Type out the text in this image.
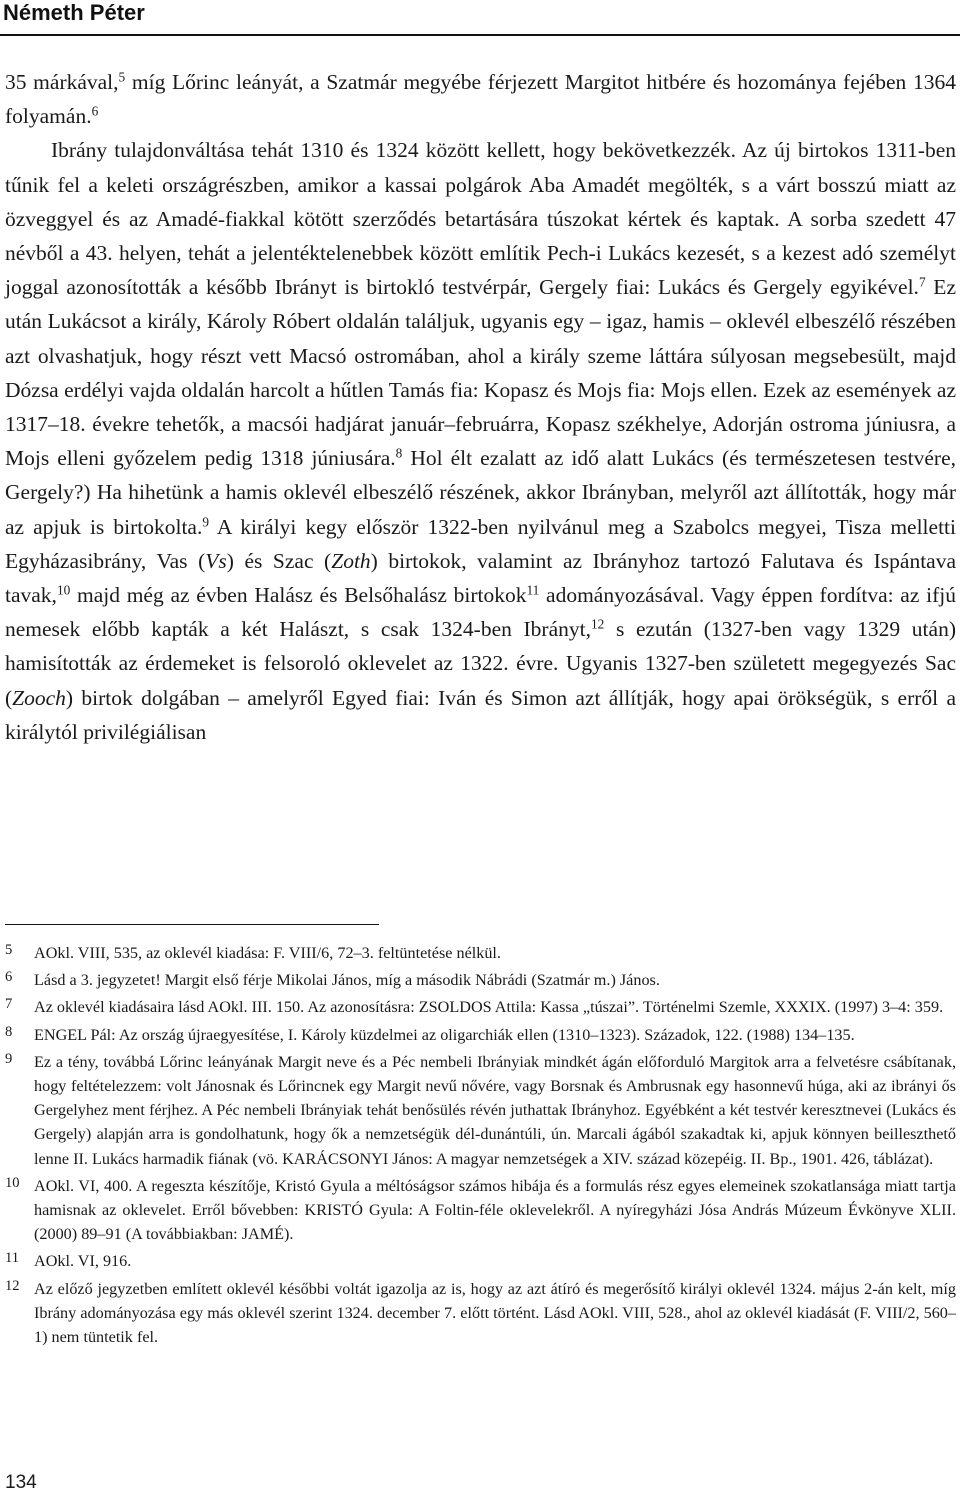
Németh Péter

35 márkával,$^5$ míg Lőrinc leányát, a Szatmár megyébe férjezett Margitot hitbére és hozományа fejében 1364 folyamán.$^6$

Ibrány tulajdonváltása tehát 1310 és 1324 között kellett, hogy bekövetkezzék. Az új birtokos 1311-ben tűnik fel a keleti országrészben, amikor a kassai polgárok Aba Amadét megölték, s a várt bosszú miatt az özveggyel és az Amadé-fiakkal kötött szerződés betartására túszokat kértek és kaptak. A sorba szedett 47 névből a 43. helyen, tehát a jelentéktelenebbek között említik Pech-i Lukács kezesét, s a kezest adó személyt joggal azonosították a később Ibrányt is birtokló testvérpár, Gergely fiai: Lukács és Gergely egyikével.$^7$ Ez után Lukácsot a király, Károly Róbert oldalán találjuk, ugyanis egy – igaz, hamis – oklevél elbeszélő részében azt olvashatjuk, hogy részt vett Macsó ostromában, ahol a király szeme láttára súlyosan megsebesült, majd Dózsa erdélyi vajda oldalán harcolt a hűtlen Tamás fia: Kopasz és Mojs fia: Mojs ellen. Ezek az események az 1317–18. évekre tehetők, a macsói hadjárat január–februárra, Kopasz székhelye, Adorján ostroma júniusra, a Mojs elleni győzelem pedig 1318 júniusára.$^8$ Hol élt ezalatt az idő alatt Lukács (és természetesen testvére, Gergely?) Ha hihetünk a hamis oklevél elbeszélő részének, akkor Ibrányban, melyről azt állították, hogy már az apjuk is birtokolta.$^9$ A királyi kegy először 1322-ben nyilvánul meg a Szabolcs megyei, Tisza melletti Egyházasibrány, Vas (Vs) és Szac (Zoth) birtokok, valamint az Ibrányhoz tartozó Falutava és Ispántava tavak,$^{10}$ majd még az évben Halász és Belsőhalász birtokok$^{11}$ adományozásával. Vagy éppen fordítva: az ifjú nemesek előbb kapták a két Halászt, s csak 1324-ben Ibrányt,$^{12}$ s ezután (1327-ben vagy 1329 után) hamisították az érdemeket is felsoroló oklevelet az 1322. évre. Ugyanis 1327-ben született megegyezés Sac (Zooch) birtok dolgában – amelyről Egyed fiai: Iván és Simon azt állítják, hogy apai örökségük, s erről a királytól privilégiálisan

5	AOkl. VIII, 535, az oklevél kiadása: F. VIII/6, 72–3. feltüntetése nélkül.
6	Lásd a 3. jegyzetet! Margit első férje Mikolai János, míg a második Nábrádi (Szatmár m.) János.
7	Az oklevél kiadásaira lásd AOkl. III. 150. Az azonosításra: ZSOLDOS Attila: Kassa „túszai”. Történelmi Szemle, XXXIX. (1997) 3–4: 359.
8	ENGEL Pál: Az ország újraegyesítése, I. Károly küzdelmei az oligarchiák ellen (1310–1323). Századok, 122. (1988) 134–135.
9	Ez a tény, továbbá Lőrinc leányának Margit neve és a Péc nembeli Ibrányiak mindkét ágán előforduló Margitok arra a felvetésre csábítanak, hogy feltételezzem: volt Jánosnak és Lőrincnek egy Margit nevű nővére, vagy Borsnak és Ambrusnak egy hasonnevű húga, aki az ibrányi ős Gergelyhez ment férjhez. A Péc nembeli Ibrányiak tehát benősülés révén juthattak Ibrányhoz. Egyébként a két testvér keresztnevei (Lukács és Gergely) alapján arra is gondolhatunk, hogy ők a nemzetségük dél-dunántúli, ún. Marcali ágából szakadtak ki, apjuk könnyen beilleszthető lenne II. Lukács harmadik fiának (vö. KARÁCSONYI János: A magyar nemzetségek a XIV. század közepéig. II. Bp., 1901. 426, táblázat).
10 AOkl. VI, 400. A regeszta készítője, Kristó Gyula a méltóságsor számos hibája és a formulás rész egyes elemeinek szokatlansága miatt tartja hamisnak az oklevelet. Erről bővebben: KRISTÓ Gyula: A Foltin-féle oklevelekről. A nyíregyházi Jósa András Múzeum Évkönyve XLII. (2000) 89–91 (A továbbiakban: JAMÉ).
11 AOkl. VI, 916.
12 Az előző jegyzetben említett oklevél későbbi voltát igazolja az is, hogy az azt átíró és megerősítő királyi oklevél 1324. május 2-án kelt, míg Ibrány adományozása egy más oklevél szerint 1324. december 7. előtt történt. Lásd AOkl. VIII, 528., ahol az oklevél kiadását (F. VIII/2, 560–1) nem tüntetik fel.
134
